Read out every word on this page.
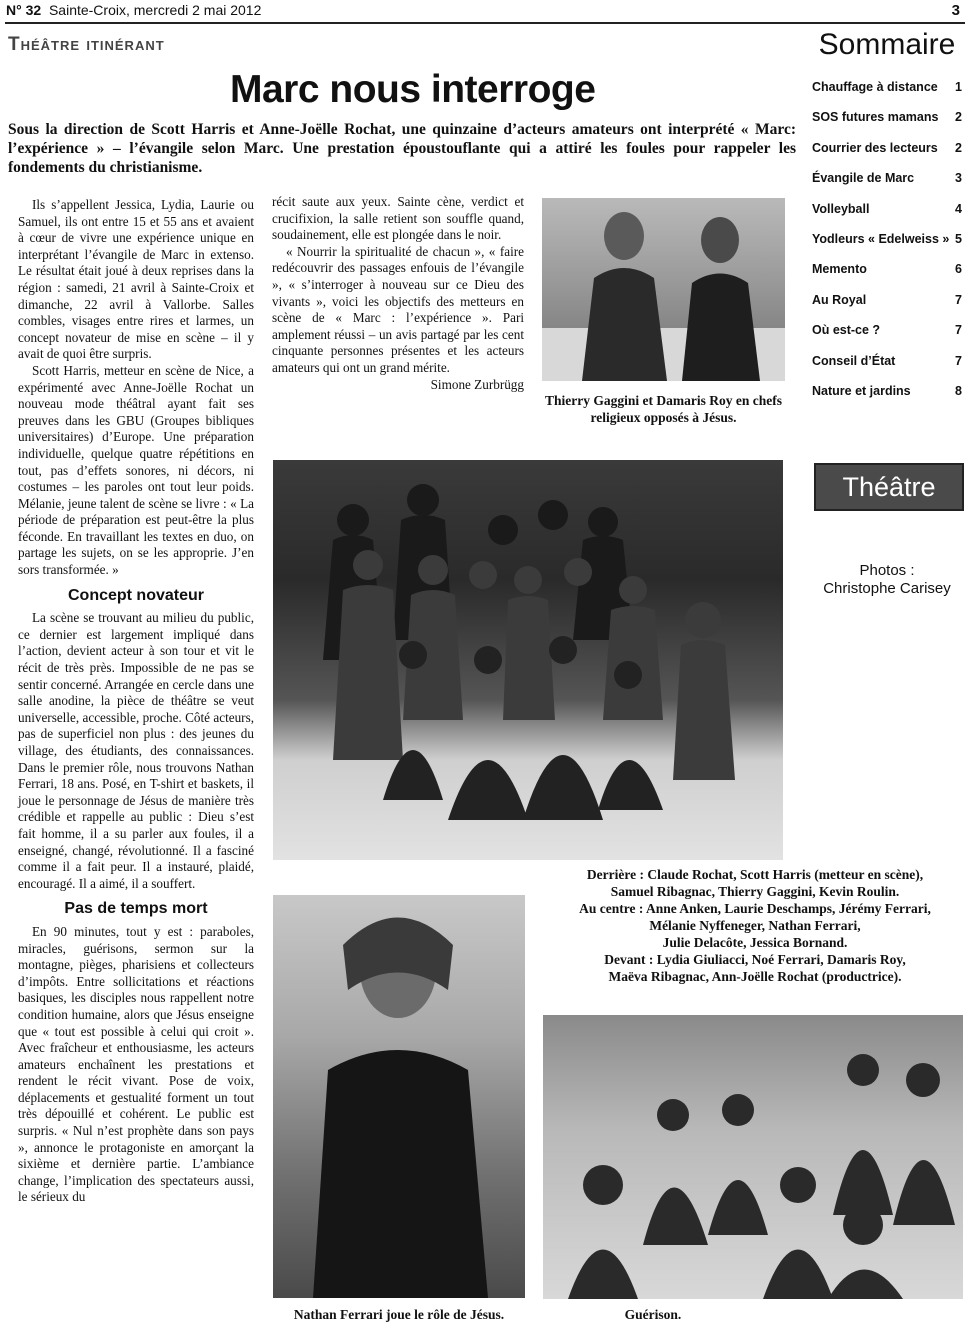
N° 32 Sainte-Croix, mercredi 2 mai 2012	3
Théâtre itinérant
Marc nous interroge
Sous la direction de Scott Harris et Anne-Joëlle Rochat, une quinzaine d’acteurs amateurs ont interprété « Marc: l’expérience » – l’évangile selon Marc. Une prestation époustouflante qui a attiré les foules pour rappeler les fondements du christianisme.

Ils s’appellent Jessica, Lydia, Laurie ou Samuel, ils ont entre 15 et 55 ans et avaient à cœur de vivre une expérience unique en interprétant l’évangile de Marc in extenso. Le résultat était joué à deux reprises dans la région : samedi, 21 avril à Sainte-Croix et dimanche, 22 avril à Vallorbe. Salles combles, visages entre rires et larmes, un concept novateur de mise en scène – il y avait de quoi être surpris.

Scott Harris, metteur en scène de Nice, a expérimenté avec Anne-Joëlle Rochat un nouveau mode théâtral ayant fait ses preuves dans les GBU (Groupes bibliques universitaires) d’Europe. Une préparation individuelle, quelque quatre répétitions en tout, pas d’effets sonores, ni décors, ni costumes – les paroles ont tout leur poids. Mélanie, jeune talent de scène se livre : « La période de préparation est peut-être la plus féconde. En travaillant les textes en duo, on partage les sujets, on se les approprie. J’en sors transformée. »

Concept novateur

La scène se trouvant au milieu du public, ce dernier est largement impliqué dans l’action, devient acteur à son tour et vit le récit de très près. Impossible de ne pas se sentir concerné. Arrangée en cercle dans une salle anodine, la pièce de théâtre se veut universelle, accessible, proche. Côté acteurs, pas de superficiel non plus : des jeunes du village, des étudiants, des connaissances. Dans le premier rôle, nous trouvons Nathan Ferrari, 18 ans. Posé, en T-shirt et baskets, il joue le personnage de Jésus de manière très crédible et rappelle au public : Dieu s’est fait homme, il a su parler aux foules, il a enseigné, changé, révolutionné. Il a fasciné comme il a fait peur. Il a instauré, plaidé, encouragé. Il a aimé, il a souffert.

Pas de temps mort

En 90 minutes, tout y est : paraboles, miracles, guérisons, sermon sur la montagne, pièges, pharisiens et collecteurs d’impôts. Entre sollicitations et réactions basiques, les disciples nous rappellent notre condition humaine, alors que Jésus enseigne que « tout est possible à celui qui croit ». Avec fraîcheur et enthousiasme, les acteurs amateurs enchaînent les prestations et rendent le récit vivant. Pose de voix, déplacements et gestualité forment un tout très dépouillé et cohérent. Le public est surpris. « Nul n’est prophète dans son pays », annonce le protagoniste en amorçant la sixième et dernière partie. L’ambiance change, l’implication des spectateurs aussi, le sérieux du

récit saute aux yeux. Sainte cène, verdict et crucifixion, la salle retient son souffle quand, soudainement, elle est plongée dans le noir.

« Nourrir la spiritualité de chacun », « faire redécouvrir des passages enfouis de l’évangile », « s’interroger à nouveau sur ce Dieu des vivants », voici les objectifs des metteurs en scène de « Marc : l’expérience ». Pari amplement réussi – un avis partagé par les cent cinquante personnes présentes et les acteurs amateurs qui ont un grand mérite.

Simone Zurbrügg

Thierry Gaggini et Damaris Roy en chefs religieux opposés à Jésus.
Nathan Ferrari joue le rôle de Jésus.
Derrière : Claude Rochat, Scott Harris (metteur en scène),
Samuel Ribagnac, Thierry Gaggini, Kevin Roulin.
Au centre : Anne Anken, Laurie Deschamps, Jérémy Ferrari,
Mélanie Nyffeneger, Nathan Ferrari,
Julie Delacôte, Jessica Bornand.
Devant : Lydia Giuliacci, Noé Ferrari, Damaris Roy,
Maëva Ribagnac, Ann-Joëlle Rochat (productrice).
Guérison.
Sommaire
Chauffage à distance 1
SOS futures mamans 2
Courrier des lecteurs 2
Évangile de Marc	3
Volleyball	4
Yodleurs « Edelweiss » 5
Memento	6
Au Royal	7
Où est-ce ?	7
Conseil d’État	7
Nature et jardins	8
Théâtre
Photos :
Christophe Carisey
